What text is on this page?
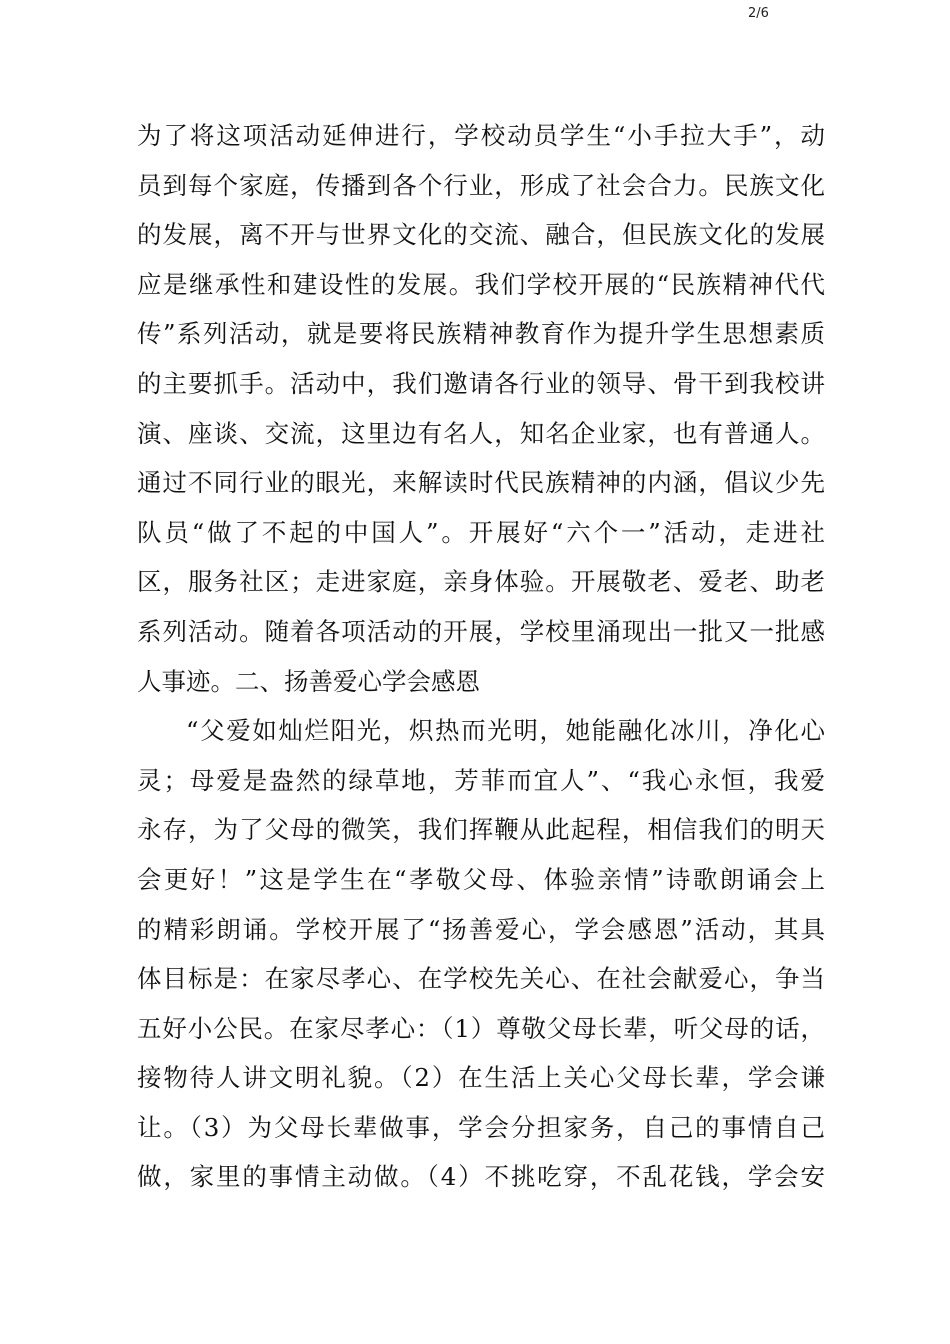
2/6
为了将这项活动延伸进行，学校动员学生“小手拉大手”，动
员到每个家庭，传播到各个行业，形成了社会合力。民族文化
的发展，离不开与世界文化的交流、融合，但民族文化的发展
应是继承性和建设性的发展。我们学校开展的“民族精神代代
传”系列活动，就是要将民族精神教育作为提升学生思想素质
的主要抓手。活动中，我们邀请各行业的领导、骨干到我校讲
演、座谈、交流，这里边有名人，知名企业家，也有普通人。
通过不同行业的眼光，来解读时代民族精神的内涵，倡议少先
队员“做了不起的中国人”。开展好“六个一”活动，走进社
区，服务社区；走进家庭，亲身体验。开展敬老、爱老、助老
系列活动。随着各项活动的开展，学校里涌现出一批又一批感
人事迹。二、扬善爱心学会感恩
“父爱如灿烂阳光，炽热而光明，她能融化冰川，净化心
灵；母爱是盎然的绿草地，芳菲而宜人”、“我心永恒，我爱
永存，为了父母的微笑，我们挥鞭从此起程，相信我们的明天
会更好！”这是学生在“孝敬父母、体验亲情”诗歌朗诵会上
的精彩朗诵。学校开展了“扬善爱心，学会感恩”活动，其具
体目标是：在家尽孝心、在学校先关心、在社会献爱心，争当
五好小公民。在家尽孝心：（1）尊敬父母长辈，听父母的话，
接物待人讲文明礼貌。（2）在生活上关心父母长辈，学会谦
让。（3）为父母长辈做事，学会分担家务，自己的事情自己
做，家里的事情主动做。（4）不挑吃穿，不乱花钱，学会安
